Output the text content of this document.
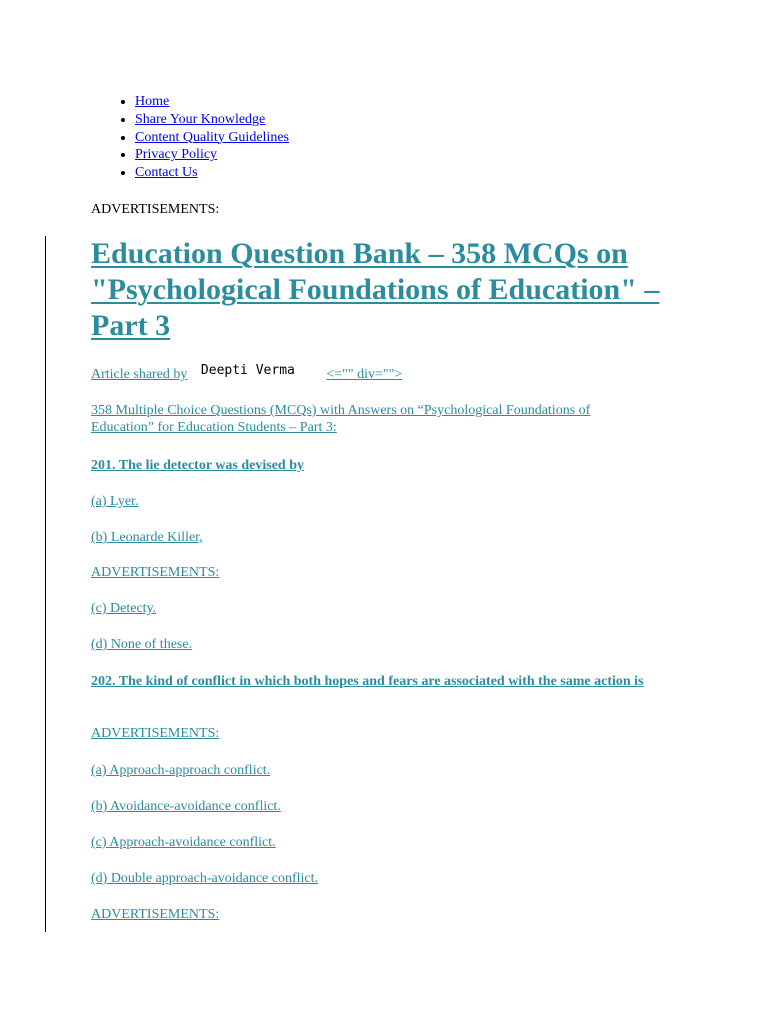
• Home
• Share Your Knowledge
• Content Quality Guidelines
• Privacy Policy
• Contact Us
ADVERTISEMENTS:
Education Question Bank – 358 MCQs on "Psychological Foundations of Education" – Part 3

Article shared by Deepti Verma <="" div="">

358 Multiple Choice Questions (MCQs) with Answers on “Psychological Foundations of Education” for Education Students – Part 3:

201. The lie detector was devised by

(a) Lyer.

(b) Leonarde Killer,

ADVERTISEMENTS:

(c) Detecty.

(d) None of these.

202. The kind of conflict in which both hopes and fears are associated with the same action is

ADVERTISEMENTS:

(a) Approach-approach conflict.

(b) Avoidance-avoidance conflict.

(c) Approach-avoidance conflict.

(d) Double approach-avoidance conflict.

ADVERTISEMENTS:
